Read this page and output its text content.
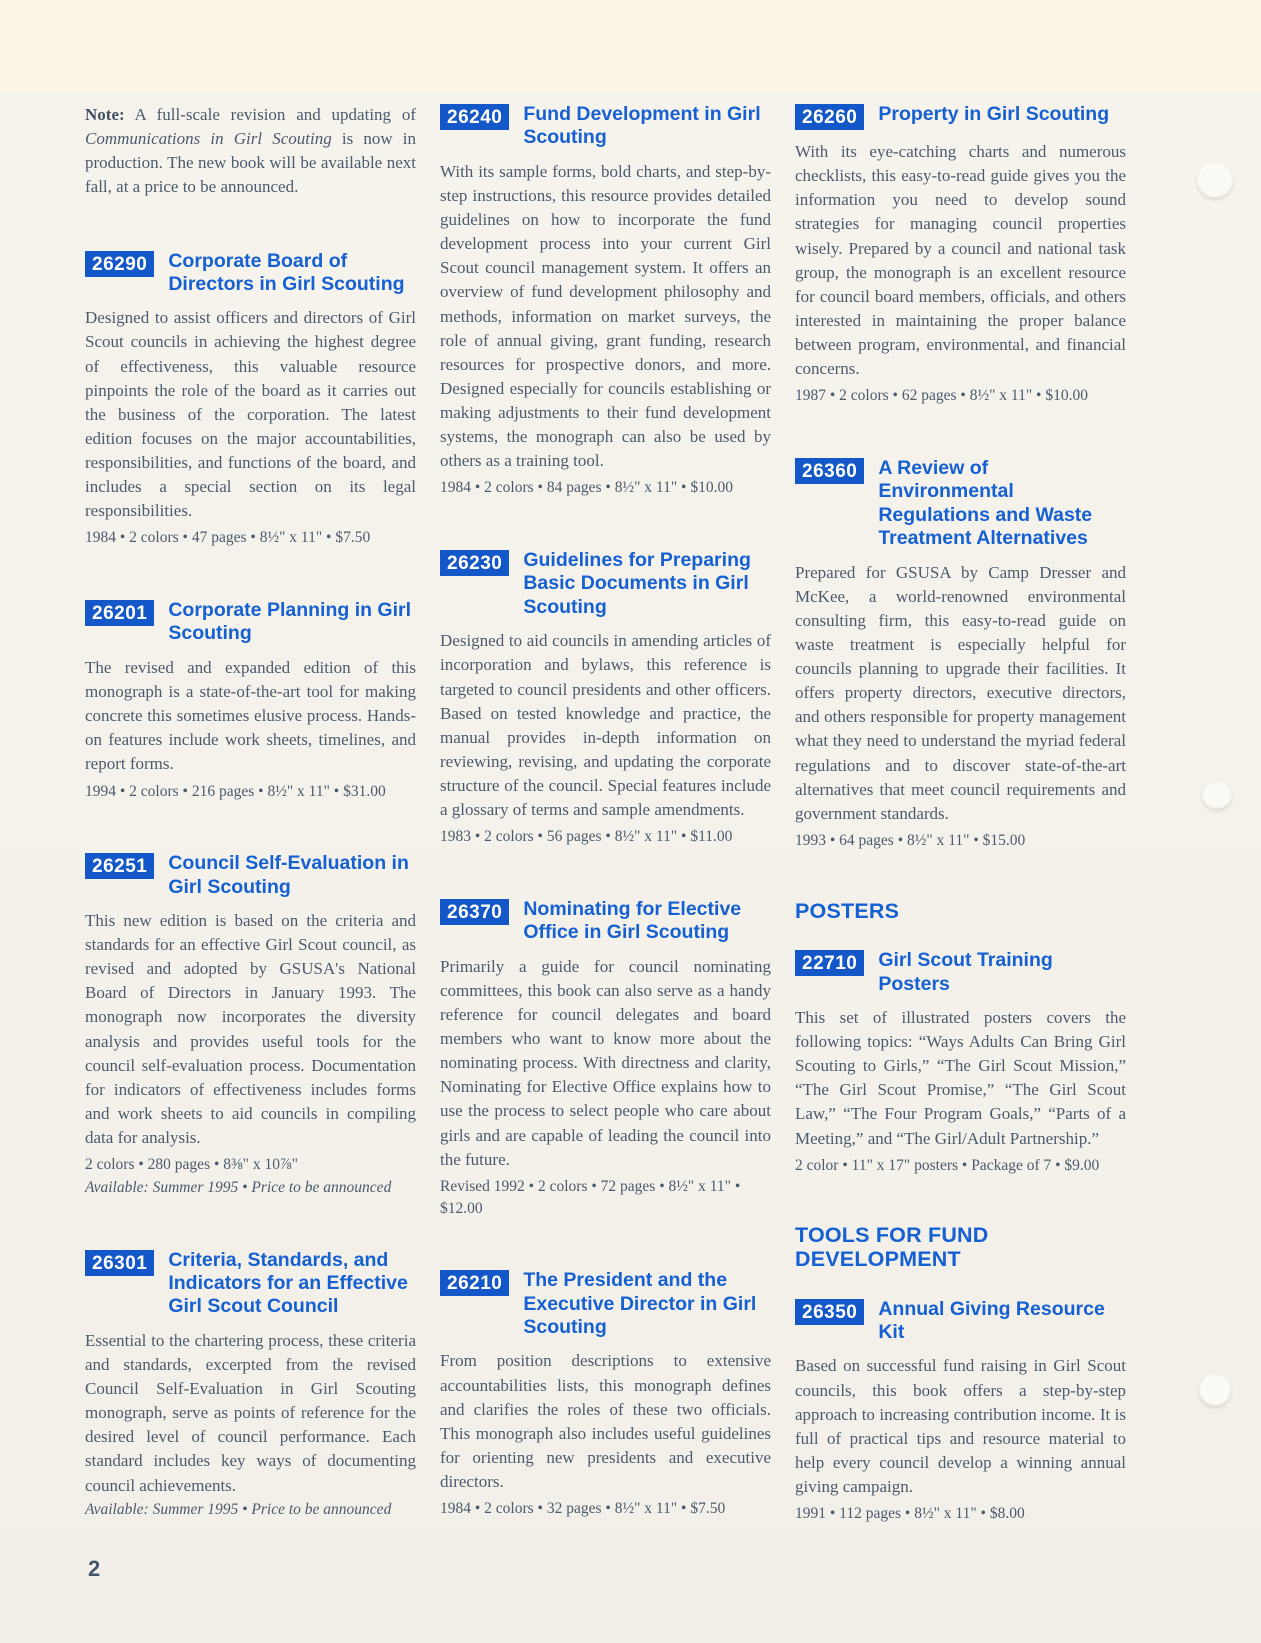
Note: A full-scale revision and updating of Communications in Girl Scouting is now in production. The new book will be available next fall, at a price to be announced.

26290	Corporate Board of Directors in Girl Scouting

Designed to assist officers and directors of Girl Scout councils in achieving the highest degree of effectiveness, this valuable resource pinpoints the role of the board as it carries out the business of the corporation. The latest edition focuses on the major accountabilities, responsibilities, and functions of the board, and includes a special section on its legal responsibilities.

1984 • 2 colors • 47 pages • 8½" x 11" • $7.50

26201	Corporate Planning in Girl Scouting

The revised and expanded edition of this monograph is a state-of-the-art tool for making concrete this sometimes elusive process. Hands-on features include work sheets, timelines, and report forms.

1994 • 2 colors • 216 pages • 8½" x 11" • $31.00

26251	Council Self-Evaluation in Girl Scouting

This new edition is based on the criteria and standards for an effective Girl Scout council, as revised and adopted by GSUSA's National Board of Directors in January 1993. The monograph now incorporates the diversity analysis and provides useful tools for the council self-evaluation process. Documentation for indicators of effectiveness includes forms and work sheets to aid councils in compiling data for analysis.

2 colors • 280 pages • 8⅜" x 10⅞"

Available: Summer 1995 • Price to be announced

26301	Criteria, Standards, and Indicators for an Effective Girl Scout Council

Essential to the chartering process, these criteria and standards, excerpted from the revised Council Self-Evaluation in Girl Scouting monograph, serve as points of reference for the desired level of council performance. Each standard includes key ways of documenting council achievements.

Available: Summer 1995 • Price to be announced

26240	Fund Development in Girl Scouting

With its sample forms, bold charts, and step-by-step instructions, this resource provides detailed guidelines on how to incorporate the fund development process into your current Girl Scout council management system. It offers an overview of fund development philosophy and methods, information on market surveys, the role of annual giving, grant funding, research resources for prospective donors, and more. Designed especially for councils establishing or making adjustments to their fund development systems, the monograph can also be used by others as a training tool.

1984 • 2 colors • 84 pages • 8½" x 11" • $10.00

26230	Guidelines for Preparing Basic Documents in Girl Scouting

Designed to aid councils in amending articles of incorporation and bylaws, this reference is targeted to council presidents and other officers. Based on tested knowledge and practice, the manual provides in-depth information on reviewing, revising, and updating the corporate structure of the council. Special features include a glossary of terms and sample amendments.

1983 • 2 colors • 56 pages • 8½" x 11" • $11.00

26370	Nominating for Elective Office in Girl Scouting

Primarily a guide for council nominating committees, this book can also serve as a handy reference for council delegates and board members who want to know more about the nominating process. With directness and clarity, Nominating for Elective Office explains how to use the process to select people who care about girls and are capable of leading the council into the future.

Revised 1992 • 2 colors • 72 pages • 8½" x 11" • $12.00

26210	The President and the Executive Director in Girl Scouting

From position descriptions to extensive accountabilities lists, this monograph defines and clarifies the roles of these two officials. This monograph also includes useful guidelines for orienting new presidents and executive directors.

1984 • 2 colors • 32 pages • 8½" x 11" • $7.50

26260	Property in Girl Scouting

With its eye-catching charts and numerous checklists, this easy-to-read guide gives you the information you need to develop sound strategies for managing council properties wisely. Prepared by a council and national task group, the monograph is an excellent resource for council board members, officials, and others interested in maintaining the proper balance between program, environmental, and financial concerns.

1987 • 2 colors • 62 pages • 8½" x 11" • $10.00

26360	A Review of Environmental Regulations and Waste Treatment Alternatives

Prepared for GSUSA by Camp Dresser and McKee, a world-renowned environmental consulting firm, this easy-to-read guide on waste treatment is especially helpful for councils planning to upgrade their facilities. It offers property directors, executive directors, and others responsible for property management what they need to understand the myriad federal regulations and to discover state-of-the-art alternatives that meet council requirements and government standards.

1993 • 64 pages • 8½" x 11" • $15.00

POSTERS
22710	Girl Scout Training Posters

This set of illustrated posters covers the following topics: “Ways Adults Can Bring Girl Scouting to Girls,” “The Girl Scout Mission,” “The Girl Scout Promise,” “The Girl Scout Law,” “The Four Program Goals,” “Parts of a Meeting,” and “The Girl/Adult Partnership.”

2 color • 11" x 17" posters • Package of 7 • $9.00

TOOLS FOR FUND DEVELOPMENT
26350	Annual Giving Resource Kit

Based on successful fund raising in Girl Scout councils, this book offers a step-by-step approach to increasing contribution income. It is full of practical tips and resource material to help every council develop a winning annual giving campaign.

1991 • 112 pages • 8½" x 11" • $8.00

2
